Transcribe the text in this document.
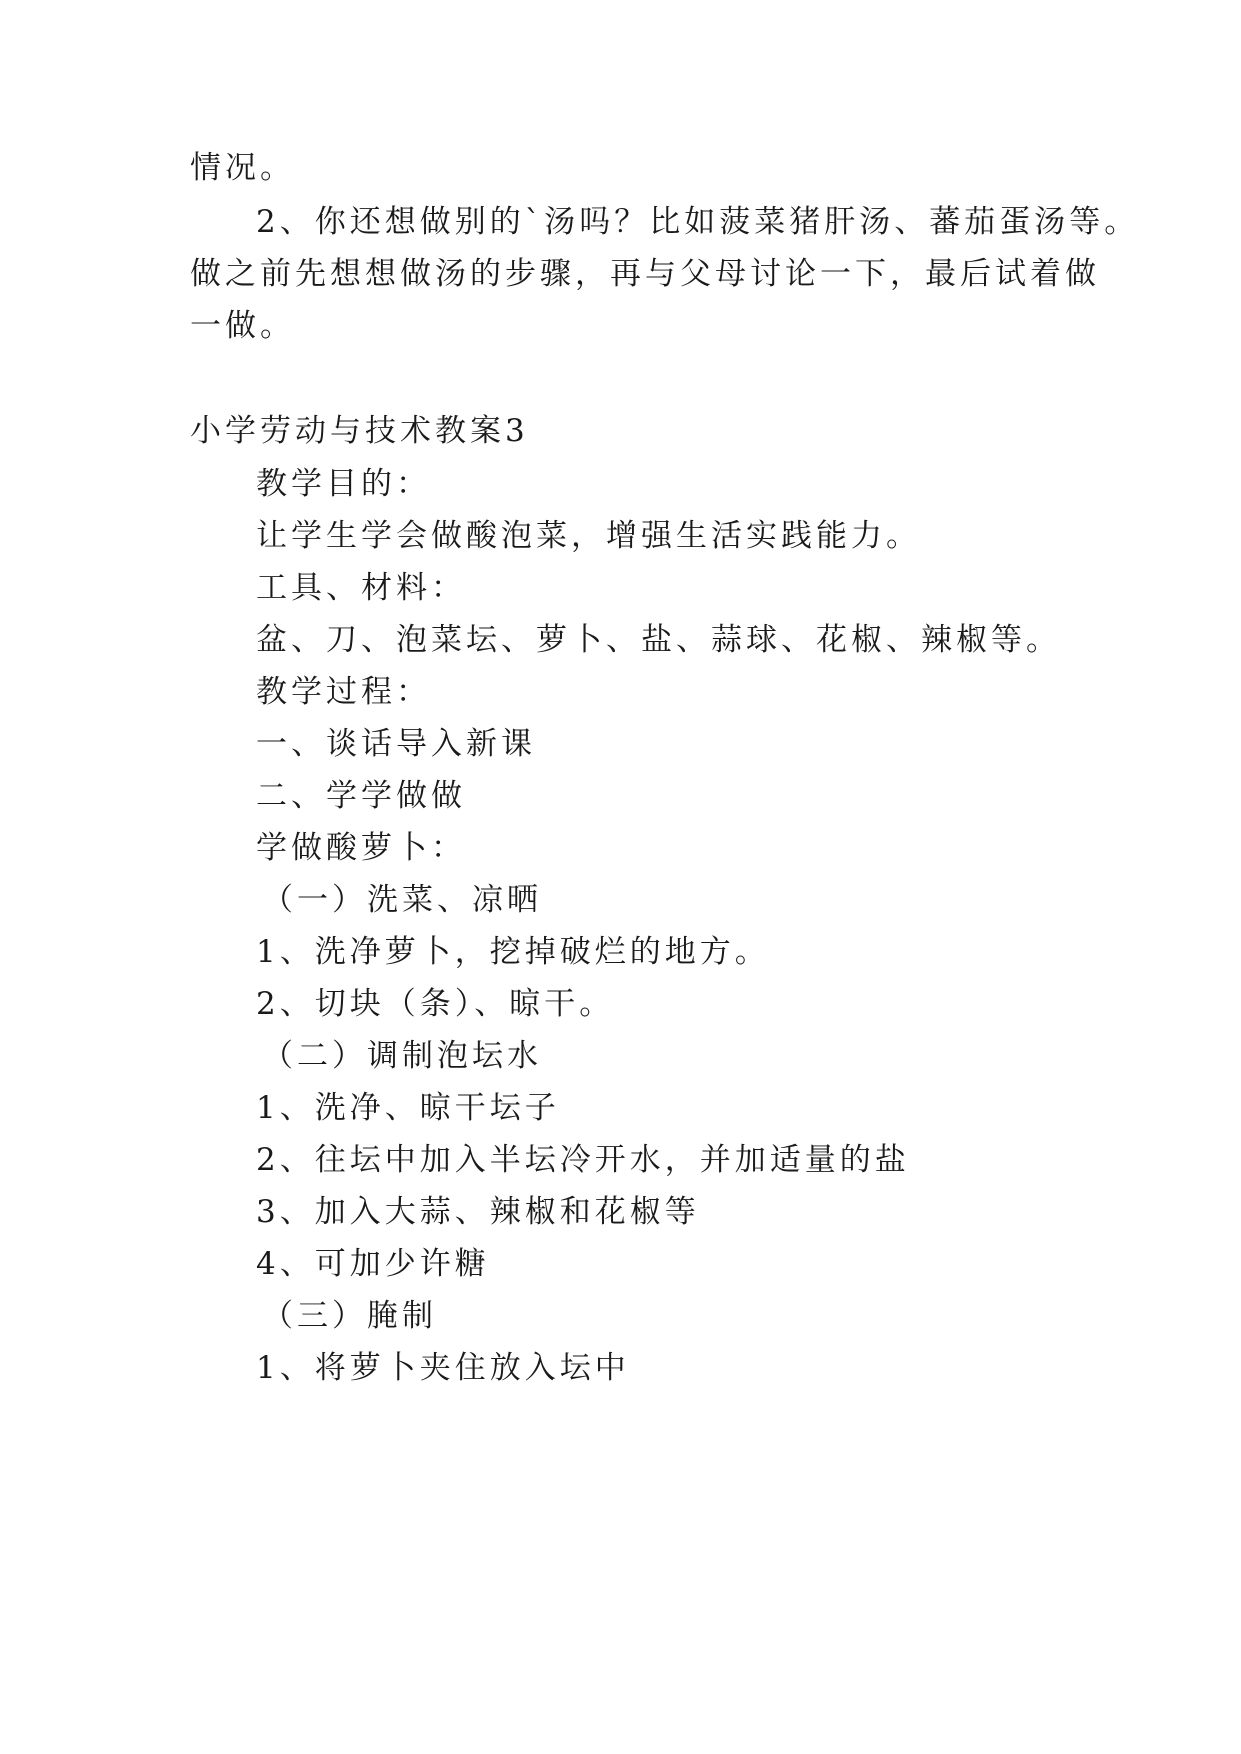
情况。
2、你还想做别的`汤吗？比如菠菜猪肝汤、蕃茄蛋汤等。
做之前先想想做汤的步骤，再与父母讨论一下，最后试着做
一做。
小学劳动与技术教案3
教学目的：
让学生学会做酸泡菜，增强生活实践能力。
工具、材料：
盆、刀、泡菜坛、萝卜、盐、蒜球、花椒、辣椒等。
教学过程：
一、谈话导入新课
二、学学做做
学做酸萝卜：
（一）洗菜、凉晒
1、洗净萝卜，挖掉破烂的地方。
2、切块（条）、晾干。
（二）调制泡坛水
1、洗净、晾干坛子
2、往坛中加入半坛冷开水，并加适量的盐
3、加入大蒜、辣椒和花椒等
4、可加少许糖
（三）腌制
1、将萝卜夹住放入坛中
